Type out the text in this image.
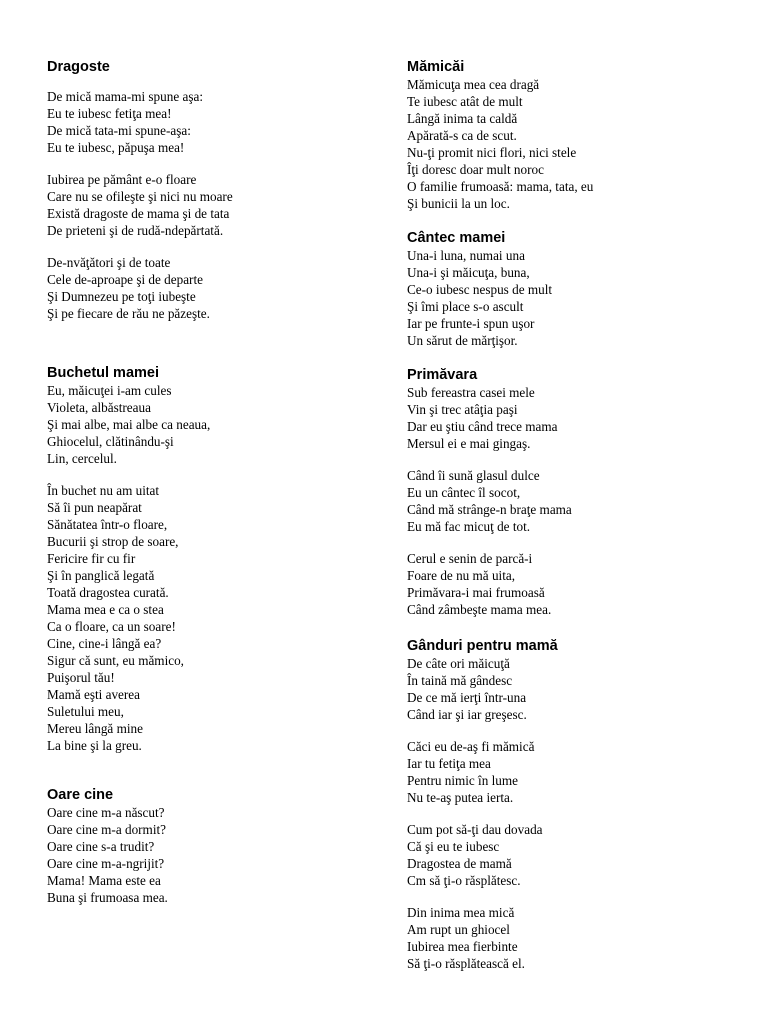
Dragoste
De mică mama-mi spune aşa:
Eu te iubesc fetiţa mea!
De mică tata-mi spune-aşa:
Eu te iubesc, păpuşa mea!
Iubirea pe pământ e-o floare
Care nu se ofileşte şi nici nu moare
Există dragoste de mama şi de tata
De prieteni şi de rudă-ndepărtată.
De-nvăţători şi de toate
Cele de-aproape şi de departe
Şi Dumnezeu pe toţi iubeşte
Şi pe fiecare de rău ne păzeşte.
Buchetul mamei
Eu, măicuţei i-am cules
Violeta, albăstreaua
Şi mai albe, mai albe ca neaua,
Ghiocelul, clătinându-şi
Lin, cercelul.
În buchet nu am uitat
Să îi pun neapărat
Sănătatea într-o floare,
Bucurii şi strop de soare,
Fericire fir cu fir
Şi în panglică legată
Toată dragostea curată.
Mama mea e ca o stea
Ca o floare, ca un soare!
Cine, cine-i lângă ea?
Sigur că sunt, eu mămico,
Puişorul tău!
Mamă eşti averea
Suletului meu,
Mereu lângă mine
La bine şi la greu.
Oare cine
Oare cine m-a născut?
Oare cine m-a dormit?
Oare cine s-a trudit?
Oare cine m-a-ngrijit?
Mama! Mama este ea
Buna şi frumoasa mea.
Mămicăi
Mămicuţa mea cea dragă
Te iubesc atât de mult
Lângă inima ta caldă
Apărată-s ca de scut.
Nu-ţi promit nici flori, nici stele
Îţi doresc doar mult noroc
O familie frumoasă: mama, tata, eu
Şi bunicii la un loc.
Cântec mamei
Una-i luna, numai una
Una-i şi măicuţa, buna,
Ce-o iubesc nespus de mult
Şi îmi place s-o ascult
Iar pe frunte-i spun uşor
Un sărut de mărţişor.
Primăvara
Sub fereastra casei mele
Vin şi trec atâţia paşi
Dar eu ştiu când trece mama
Mersul ei e mai gingaş.
Când îi sună glasul dulce
Eu un cântec îl socot,
Când mă strânge-n braţe mama
Eu mă fac micuţ de tot.
Cerul e senin de parcă-i
Foare de nu mă uita,
Primăvara-i mai frumoasă
Când zâmbeşte mama mea.
Gânduri pentru mamă
De câte ori măicuţă
În taină mă gândesc
De ce mă ierţi într-una
Când iar şi iar greşesc.
Căci eu de-aş fi mămică
Iar tu fetiţa mea
Pentru nimic în lume
Nu te-aş putea ierta.
Cum pot să-ţi dau dovada
Că şi eu te iubesc
Dragostea de mamă
Cm să ţi-o răsplătesc.
Din inima mea mică
Am rupt un ghiocel
Iubirea mea fierbinte
Să ţi-o răsplătească el.
